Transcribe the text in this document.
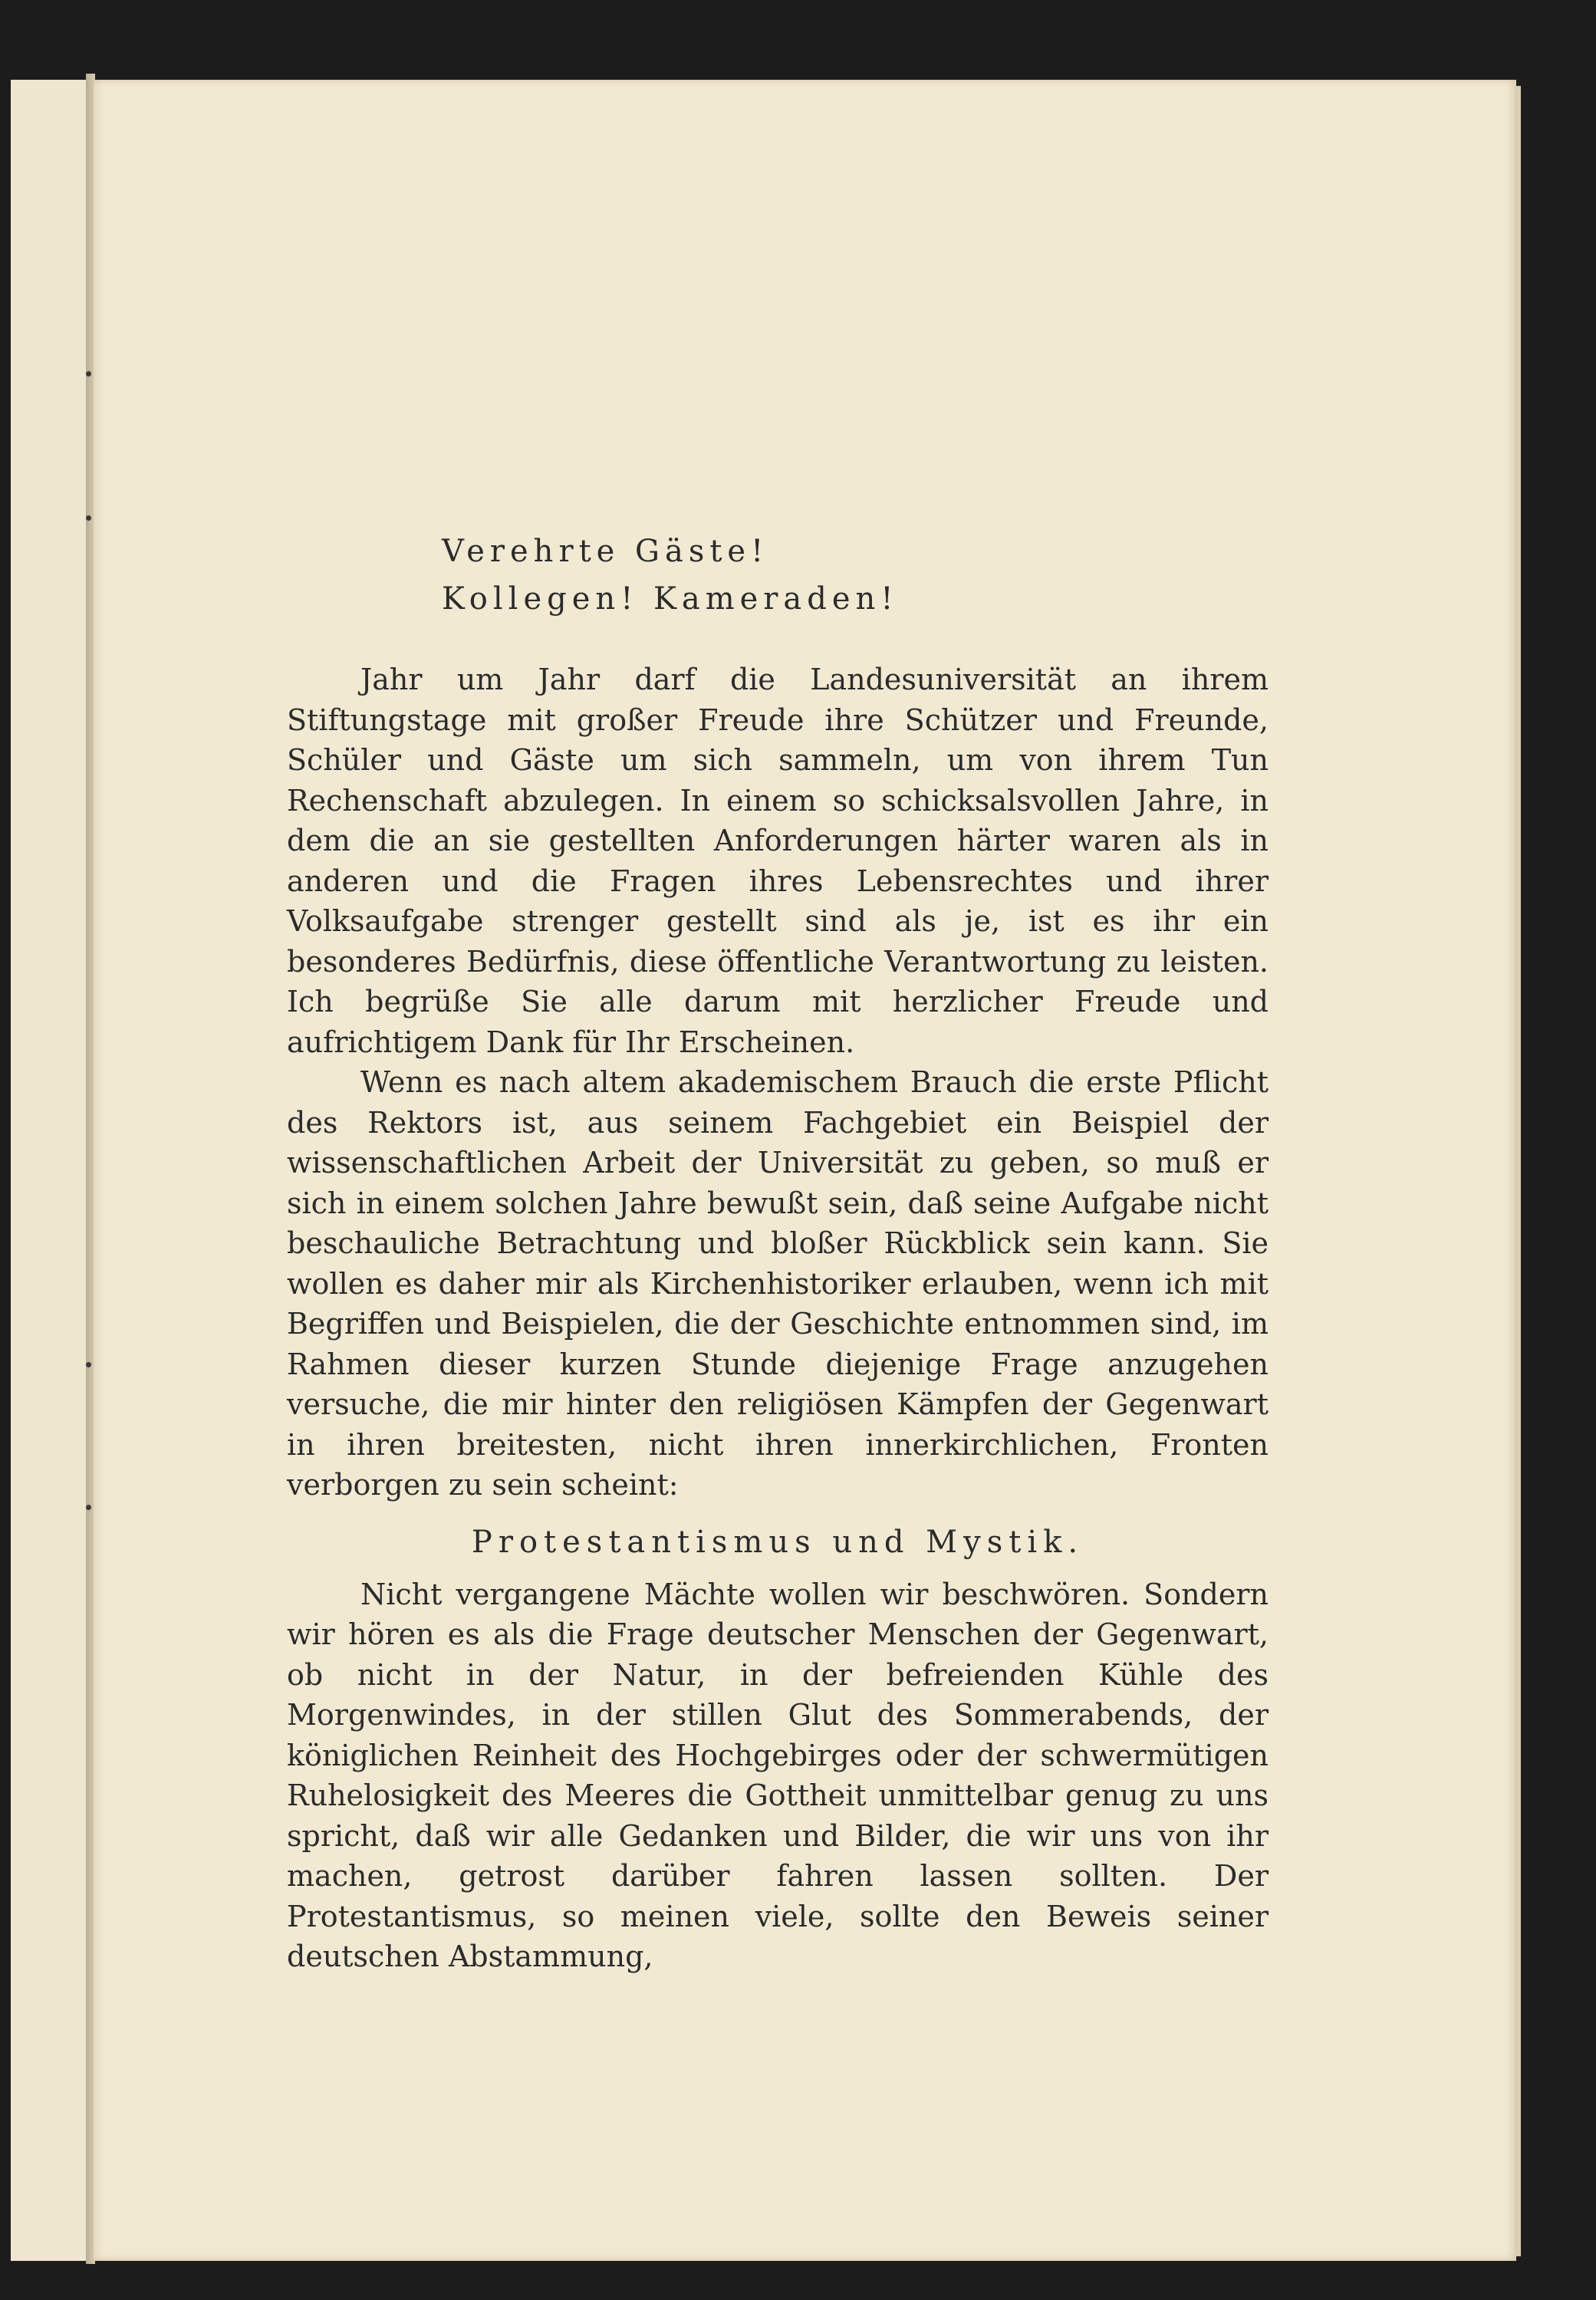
Verehrte Gäste!

Kollegen! Kameraden!

Jahr um Jahr darf die Landesuniversität an ihrem Stiftungstage mit großer Freude ihre Schützer und Freunde, Schüler und Gäste um sich sammeln, um von ihrem Tun Rechenschaft abzulegen. In einem so schicksalsvollen Jahre, in dem die an sie gestellten Anforderungen härter waren als in anderen und die Fragen ihres Lebensrechtes und ihrer Volksaufgabe strenger gestellt sind als je, ist es ihr ein besonderes Bedürfnis, diese öffentliche Verantwortung zu leisten. Ich begrüße Sie alle darum mit herzlicher Freude und aufrichtigem Dank für Ihr Erscheinen.

Wenn es nach altem akademischem Brauch die erste Pflicht des Rektors ist, aus seinem Fachgebiet ein Beispiel der wissenschaftlichen Arbeit der Universität zu geben, so muß er sich in einem solchen Jahre bewußt sein, daß seine Aufgabe nicht beschauliche Betrachtung und bloßer Rückblick sein kann. Sie wollen es daher mir als Kirchenhistoriker erlauben, wenn ich mit Begriffen und Beispielen, die der Geschichte entnommen sind, im Rahmen dieser kurzen Stunde diejenige Frage anzugehen versuche, die mir hinter den religiösen Kämpfen der Gegenwart in ihren breitesten, nicht ihren innerkirchlichen, Fronten verborgen zu sein scheint:

Protestantismus und Mystik.

Nicht vergangene Mächte wollen wir beschwören. Sondern wir hören es als die Frage deutscher Menschen der Gegenwart, ob nicht in der Natur, in der befreienden Kühle des Morgenwindes, in der stillen Glut des Sommerabends, der königlichen Reinheit des Hochgebirges oder der schwermütigen Ruhelosigkeit des Meeres die Gottheit unmittelbar genug zu uns spricht, daß wir alle Gedanken und Bilder, die wir uns von ihr machen, getrost darüber fahren lassen sollten. Der Protestantismus, so meinen viele, sollte den Beweis seiner deutschen Abstammung,
